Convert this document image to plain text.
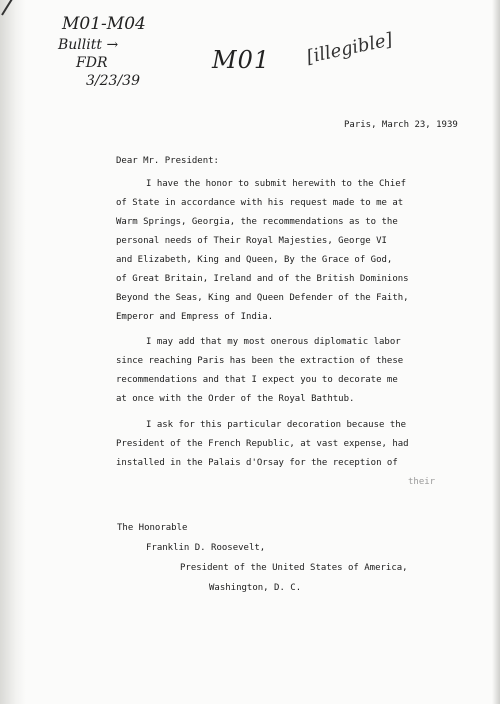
M01-M04
Bullitt →
FDR
3/23/39
M01 [illegible]
Paris, March 23, 1939
Dear Mr. President:
I have the honor to submit herewith to the Chief
of State in accordance with his request made to me at
Warm Springs, Georgia, the recommendations as to the
personal needs of Their Royal Majesties, George VI
and Elizabeth, King and Queen, By the Grace of God,
of Great Britain, Ireland and of the British Dominions
Beyond the Seas, King and Queen Defender of the Faith,
Emperor and Empress of India.
I may add that my most onerous diplomatic labor
since reaching Paris has been the extraction of these
recommendations and that I expect you to decorate me
at once with the Order of the Royal Bathtub.
I ask for this particular decoration because the
President of the French Republic, at vast expense, had
installed in the Palais d'Orsay for the reception of
their
The Honorable
Franklin D. Roosevelt,
President of the United States of America,
Washington, D. C.
